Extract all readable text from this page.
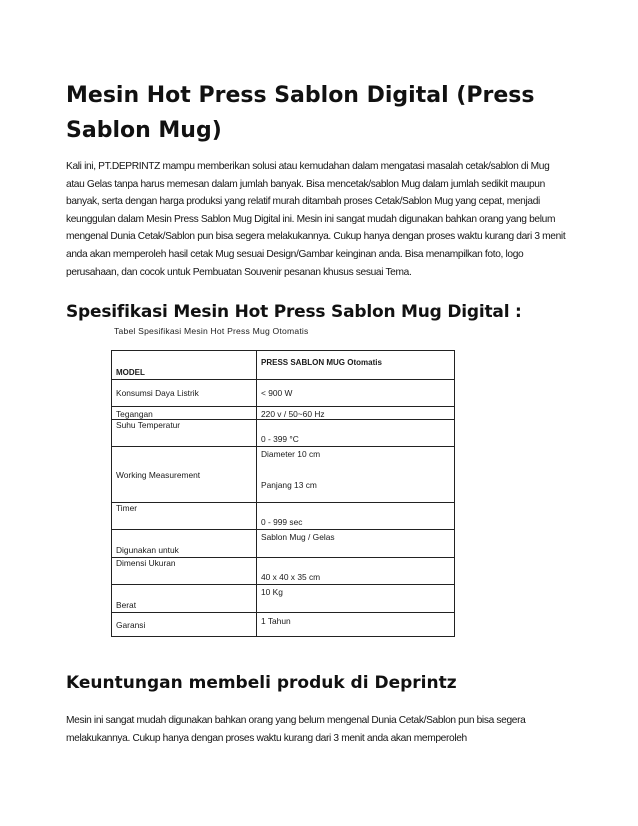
Mesin Hot Press Sablon Digital (Press Sablon Mug)

Kali ini, PT.DEPRINTZ mampu memberikan solusi atau kemudahan dalam mengatasi masalah cetak/sablon di Mug atau Gelas tanpa harus memesan dalam jumlah banyak. Bisa mencetak/sablon Mug dalam jumlah sedikit maupun banyak, serta dengan harga produksi yang relatif murah ditambah proses Cetak/Sablon Mug yang cepat, menjadi keunggulan dalam Mesin Press Sablon Mug Digital ini. Mesin ini sangat mudah digunakan bahkan orang yang belum mengenal Dunia Cetak/Sablon pun bisa segera melakukannya. Cukup hanya dengan proses waktu kurang dari 3 menit anda akan memperoleh hasil cetak Mug sesuai Design/Gambar keinginan anda. Bisa menampilkan foto, logo perusahaan, dan cocok untuk Pembuatan Souvenir pesanan khusus sesuai Tema.

Spesifikasi Mesin Hot Press Sablon Mug Digital :
Tabel Spesifikasi Mesin Hot Press Mug Otomatis
MODEL	PRESS SABLON MUG Otomatis
Konsumsi Daya Listrik	< 900 W
Tegangan	220 v / 50~60 Hz
Suhu Temperatur	0 - 399 °C
Working Measurement	Diameter 10 cm
Panjang 13 cm

Timer	0 - 999 sec
Digunakan untuk	Sablon Mug / Gelas
Dimensi Ukuran	40 x 40 x 35 cm
Berat	10 Kg
Garansi	1 Tahun
Keuntungan membeli produk di Deprintz

Mesin ini sangat mudah digunakan bahkan orang yang belum mengenal Dunia Cetak/Sablon pun bisa segera melakukannya. Cukup hanya dengan proses waktu kurang dari 3 menit anda akan memperoleh
